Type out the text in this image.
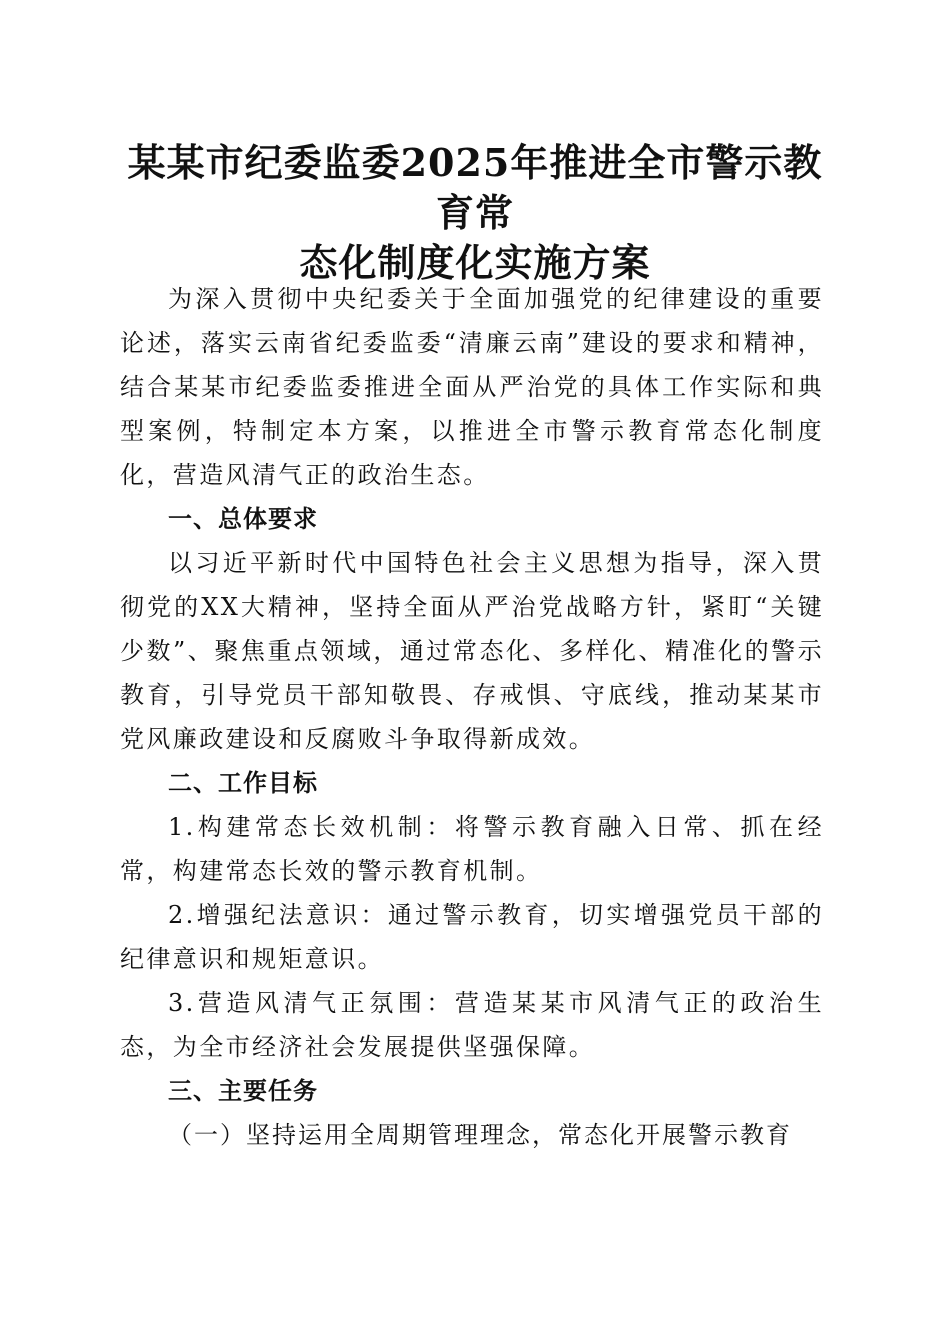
某某市纪委监委2025年推进全市警示教育常
态化制度化实施方案

为深入贯彻中央纪委关于全面加强党的纪律建设的重要论述，落实云南省纪委监委“清廉云南”建设的要求和精神，结合某某市纪委监委推进全面从严治党的具体工作实际和典型案例，特制定本方案，以推进全市警示教育常态化制度化，营造风清气正的政治生态。

一、总体要求

以习近平新时代中国特色社会主义思想为指导，深入贯彻党的XX大精神，坚持全面从严治党战略方针，紧盯“关键少数”、聚焦重点领域，通过常态化、多样化、精准化的警示教育，引导党员干部知敬畏、存戒惧、守底线，推动某某市党风廉政建设和反腐败斗争取得新成效。

二、工作目标

1.构建常态长效机制：将警示教育融入日常、抓在经常，构建常态长效的警示教育机制。

2.增强纪法意识：通过警示教育，切实增强党员干部的纪律意识和规矩意识。

3.营造风清气正氛围：营造某某市风清气正的政治生态，为全市经济社会发展提供坚强保障。

三、主要任务

（一）坚持运用全周期管理理念，常态化开展警示教育
